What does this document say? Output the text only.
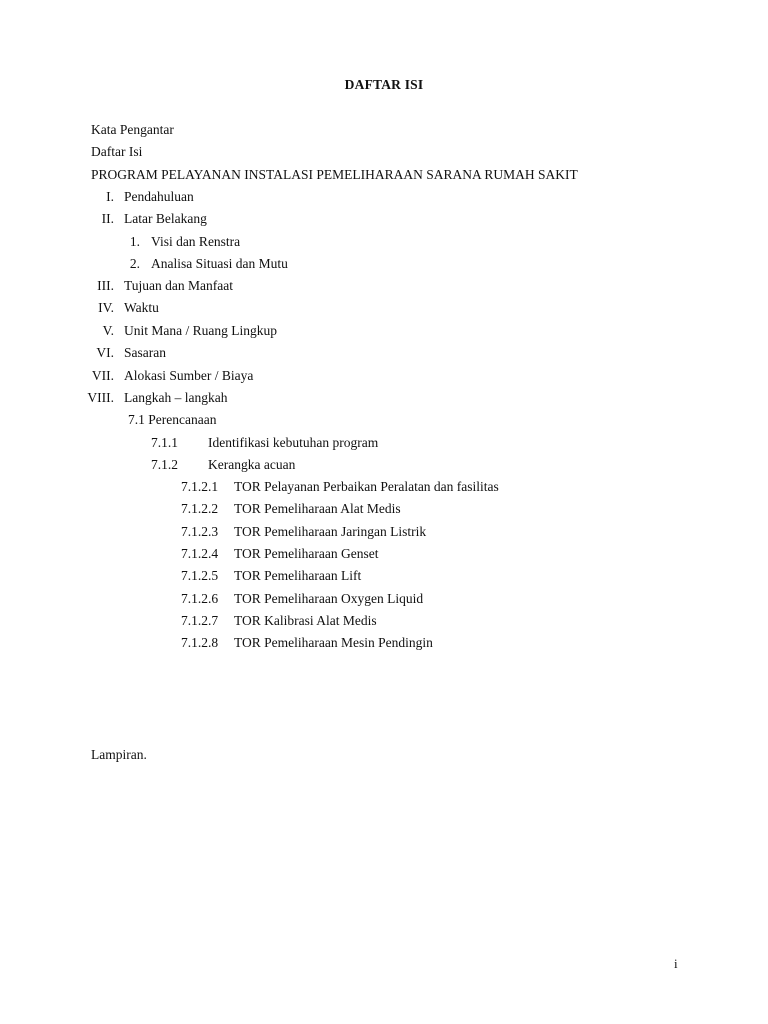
DAFTAR ISI
Kata Pengantar
Daftar Isi
PROGRAM PELAYANAN INSTALASI PEMELIHARAAN SARANA RUMAH SAKIT
I. Pendahuluan
II. Latar Belakang
1. Visi dan Renstra
2. Analisa Situasi dan Mutu
III. Tujuan dan Manfaat
IV. Waktu
V. Unit Mana / Ruang Lingkup
VI. Sasaran
VII. Alokasi Sumber / Biaya
VIII. Langkah – langkah
7.1 Perencanaan
7.1.1 Identifikasi kebutuhan program
7.1.2 Kerangka acuan
7.1.2.1 TOR Pelayanan Perbaikan Peralatan dan fasilitas
7.1.2.2 TOR Pemeliharaan Alat Medis
7.1.2.3 TOR Pemeliharaan Jaringan Listrik
7.1.2.4 TOR Pemeliharaan Genset
7.1.2.5 TOR Pemeliharaan Lift
7.1.2.6 TOR Pemeliharaan Oxygen Liquid
7.1.2.7 TOR Kalibrasi Alat Medis
7.1.2.8 TOR Pemeliharaan Mesin Pendingin
Lampiran.
i
